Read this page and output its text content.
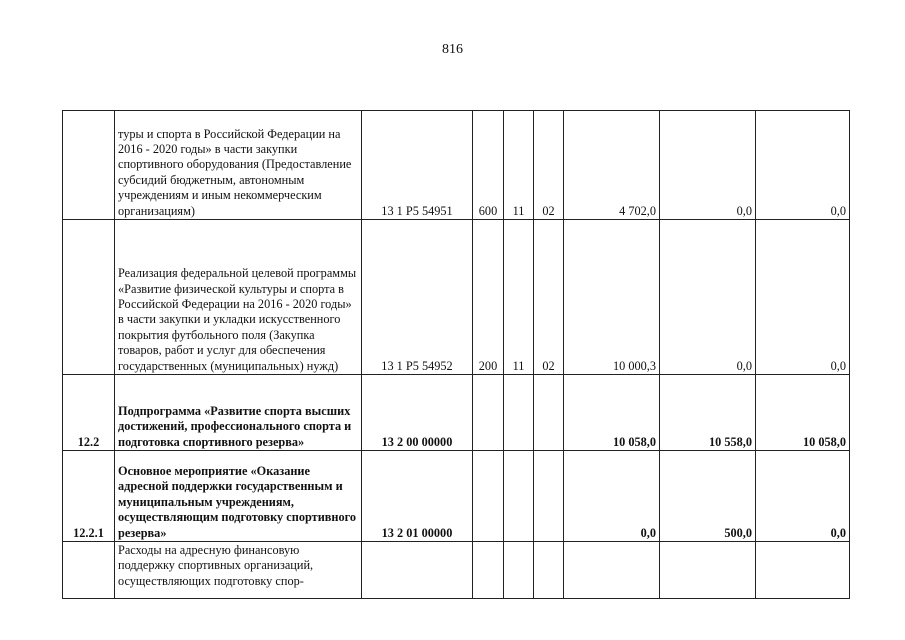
816

	туры и спорта в Российской Федерации на 2016 - 2020 годы» в части закупки спортивного оборудования (Предоставление субсидий бюджетным, автономным учреждениям и иным некоммерческим организациям)	13 1 P5 54951	600	11	02	4 702,0	0,0	0,0

	Реализация федеральной целевой программы «Развитие физической культуры и спорта в Российской Федерации на 2016 - 2020 годы» в части закупки и укладки искусственного покрытия футбольного поля (Закупка товаров, работ и услуг для обеспечения государственных (муниципальных) нужд)	13 1 P5 54952	200	11	02	10 000,3	0,0	0,0
12.2	Подпрограмма «Развитие спорта высших достижений, профессионального спорта и подготовка спортивного резерва»	13 2 00 00000				10 058,0	10 558,0	10 058,0
12.2.1	Основное мероприятие «Оказание адресной поддержки государственным и муниципальным учреждениям, осуществляющим подготовку спортивного резерва»	13 2 01 00000				0,0	500,0	0,0

	Расходы на адресную финансовую поддержку спортивных организаций, осуществляющих подготовку спор-							
